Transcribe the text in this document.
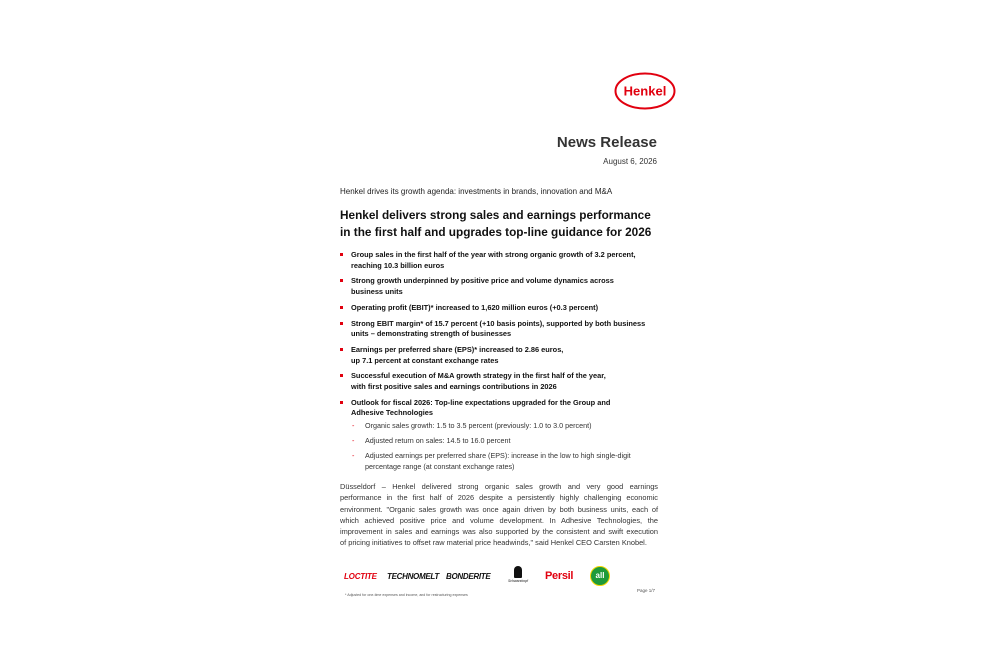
Henkel
News Release
August 6, 2026
Henkel drives its growth agenda: investments in brands, innovation and M&A
Henkel delivers strong sales and earnings performance
in the first half and upgrades top-line guidance for 2026
Group sales in the first half of the year with strong organic growth of 3.2 percent,
reaching 10.3 billion euros
Strong growth underpinned by positive price and volume dynamics across
business units
Operating profit (EBIT)* increased to 1,620 million euros (+0.3 percent)
Strong EBIT margin* of 15.7 percent (+10 basis points), supported by both business
units – demonstrating strength of businesses
Earnings per preferred share (EPS)* increased to 2.86 euros,
up 7.1 percent at constant exchange rates
Successful execution of M&A growth strategy in the first half of the year,
with first positive sales and earnings contributions in 2026
Outlook for fiscal 2026: Top-line expectations upgraded for the Group and
Adhesive Technologies
- Organic sales growth: 1.5 to 3.5 percent (previously: 1.0 to 3.0 percent)
- Adjusted return on sales: 14.5 to 16.0 percent
- Adjusted earnings per preferred share (EPS): increase in the low to high single-digit
percentage range (at constant exchange rates)
Düsseldorf – Henkel delivered strong organic sales growth and very good earnings
performance in the first half of 2026 despite a persistently highly challenging economic
environment. "Organic sales growth was once again driven by both business units, each of
which achieved positive price and volume development. In Adhesive Technologies, the
improvement in sales and earnings was also supported by the consistent and swift execution
of pricing initiatives to offset raw material price headwinds," said Henkel CEO Carsten Knobel.
LOCTITE TECHNOMELT BONDERITE	Schwarzkopf	Persil	all
* Adjusted for one-time expenses and income, and for restructuring expenses
Page 1/7
